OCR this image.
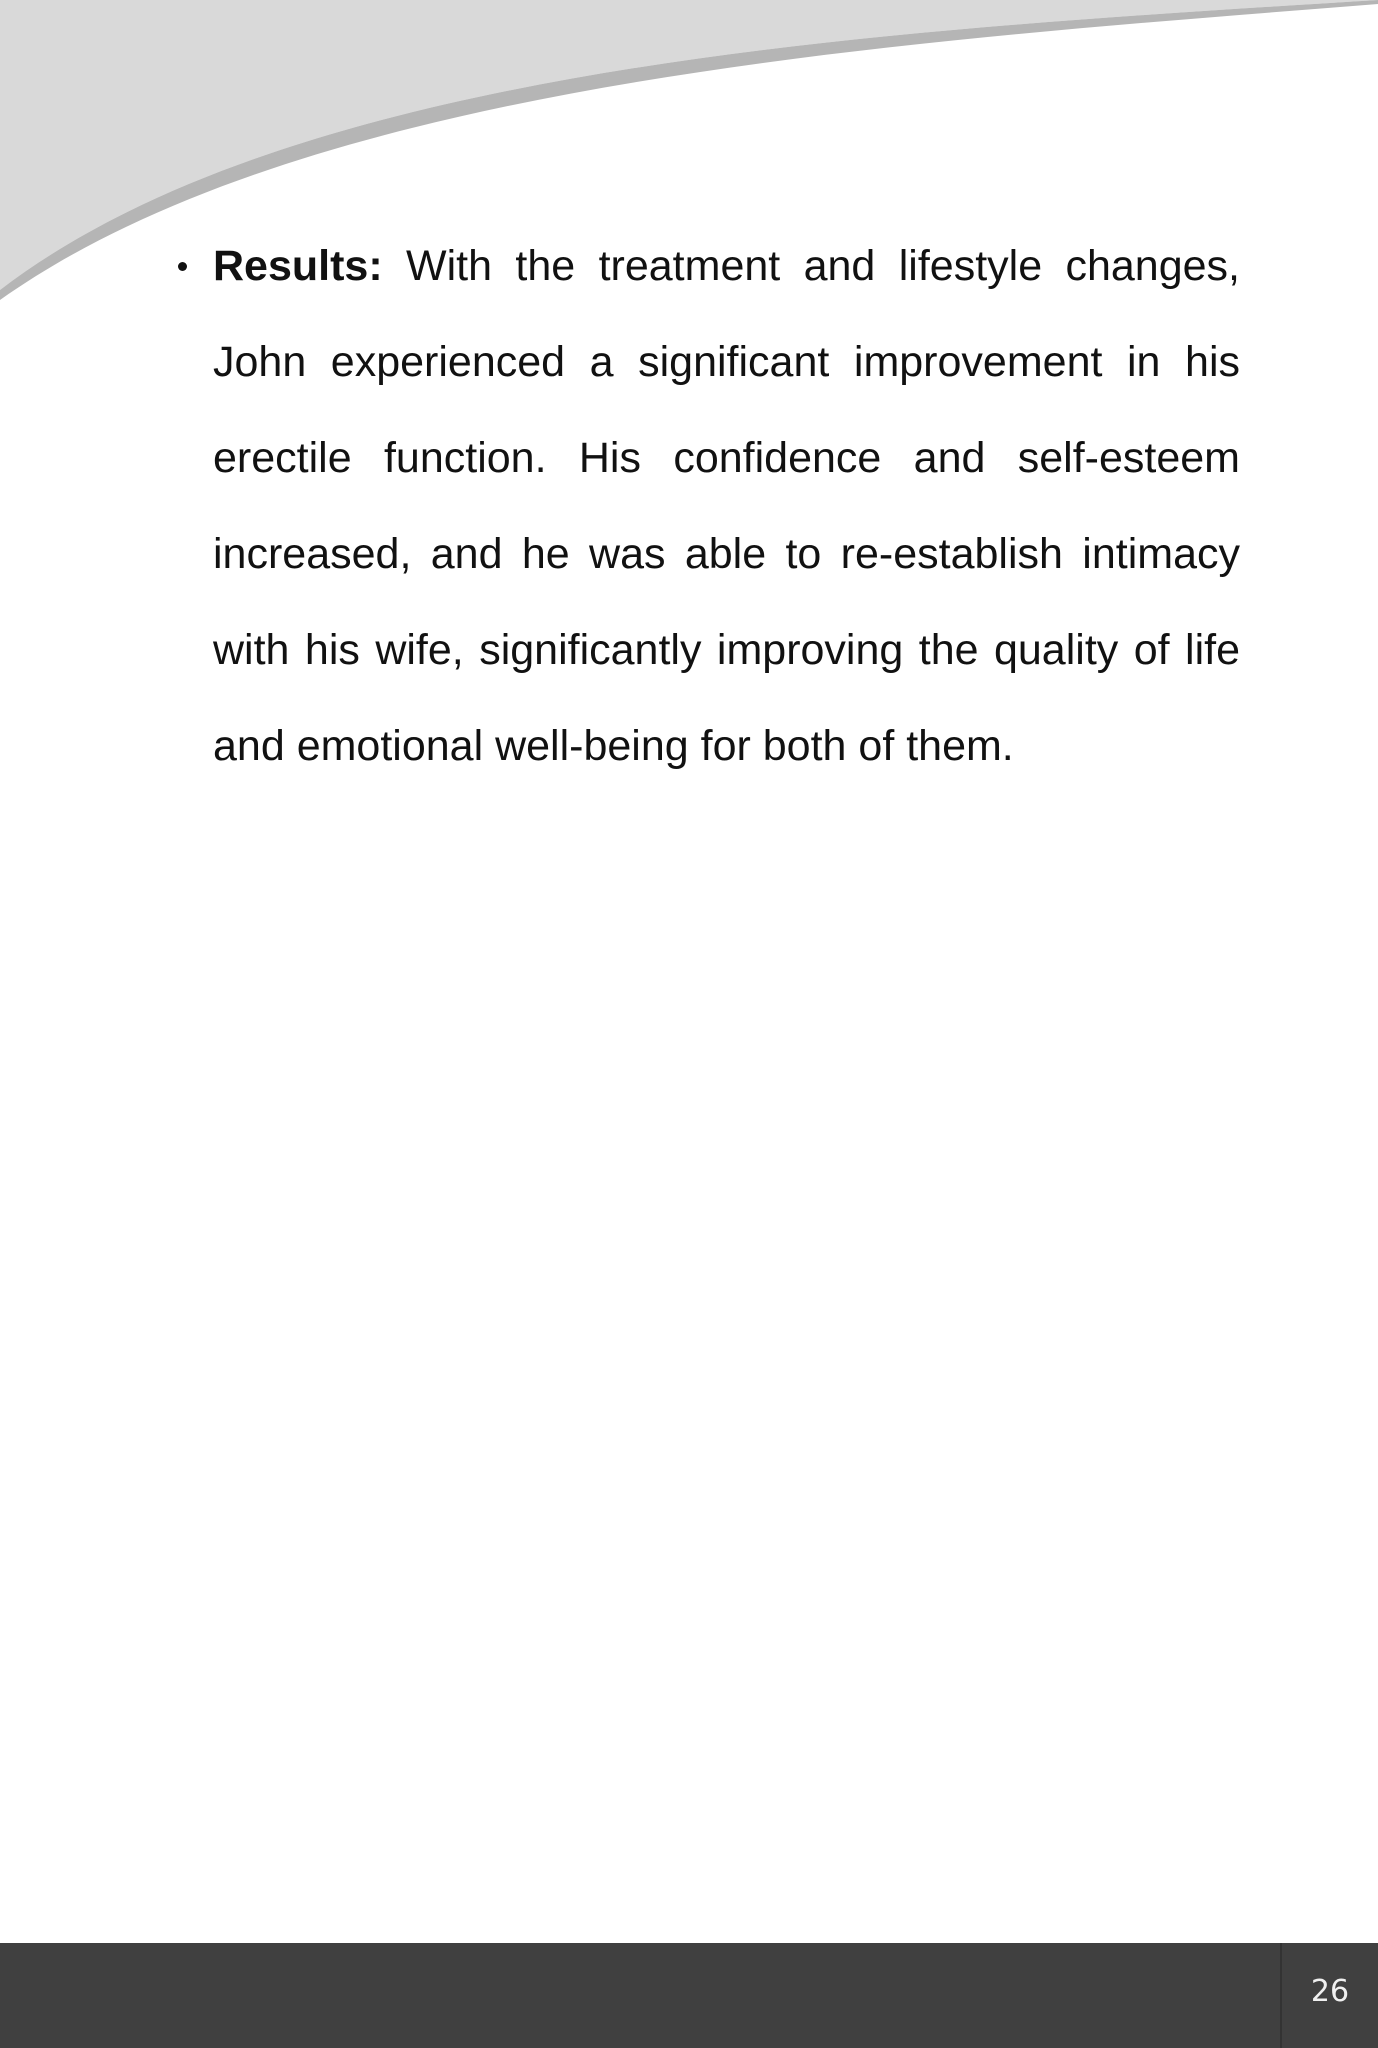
Results: With the treatment and lifestyle changes, John experienced a significant improvement in his erectile function. His confidence and self-esteem increased, and he was able to re-establish intimacy with his wife, significantly improving the quality of life and emotional well-being for both of them.
26
